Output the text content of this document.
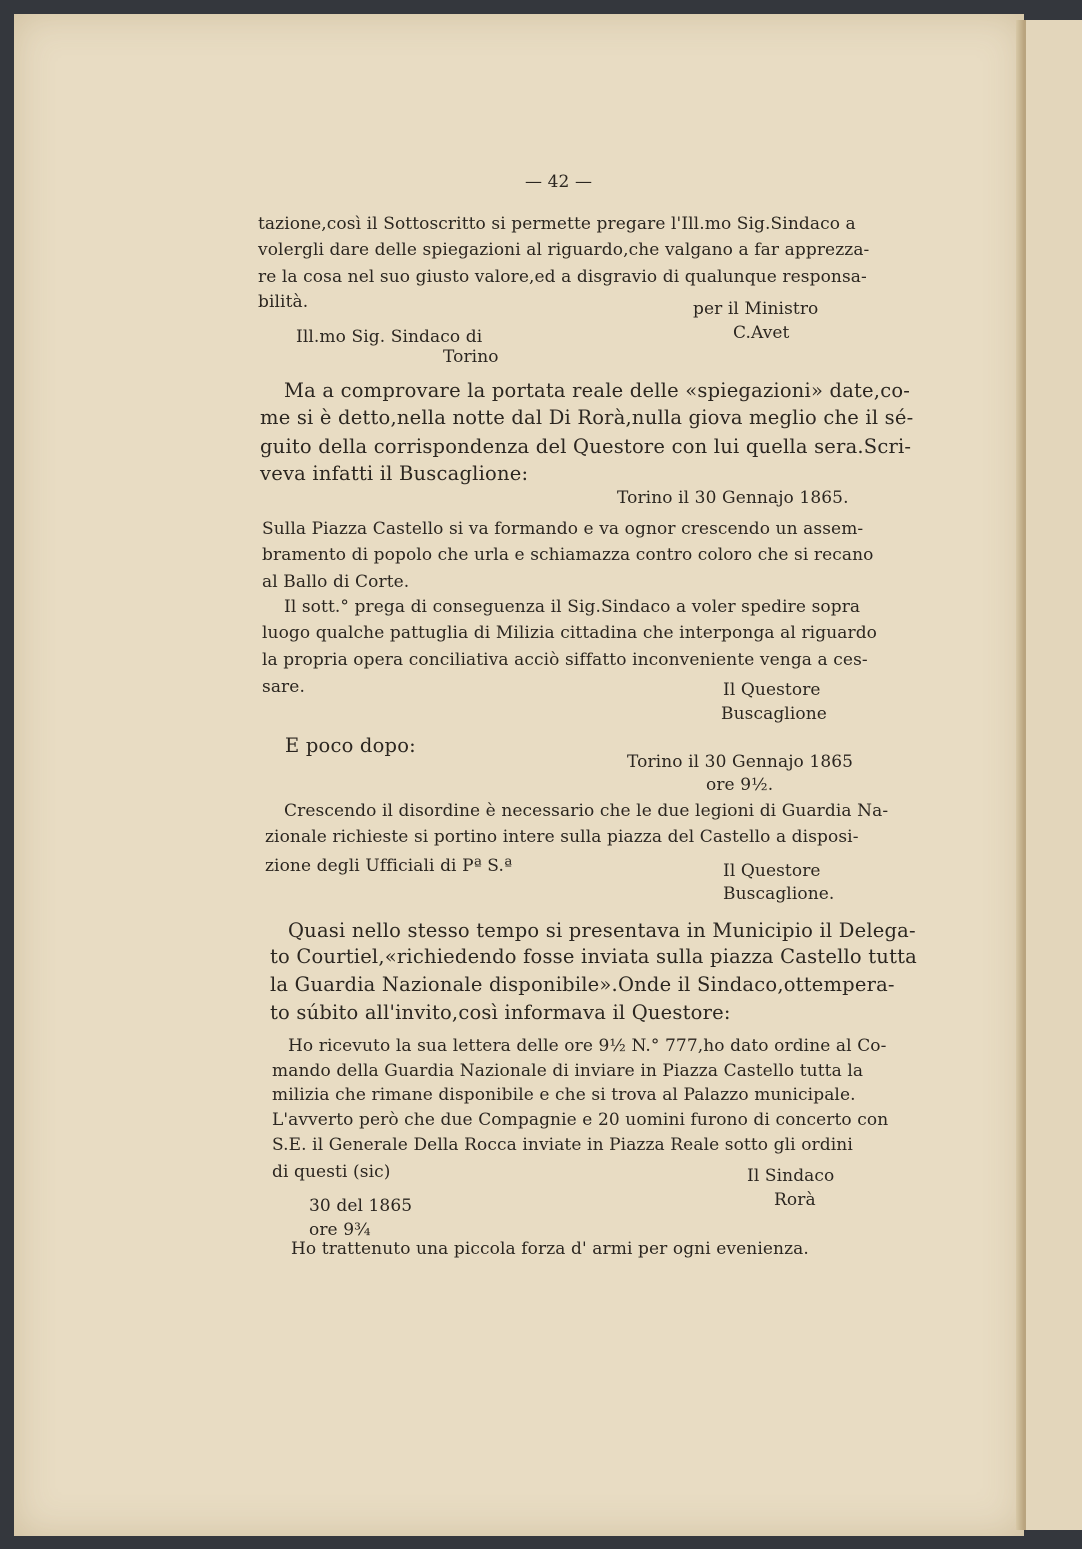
— 42 —
tazione,così il Sottoscritto si permette pregare l'Ill.mo Sig.Sindaco a
volergli dare delle spiegazioni al riguardo,che valgano a far apprezza-
re la cosa nel suo giusto valore,ed a disgravio di qualunque responsa-
bilità.	per il Ministro
C.Avet
Ill.mo Sig. Sindaco di
Torino
Ma a comprovare la portata reale delle «spiegazioni» date,co-
me si è detto,nella notte dal Di Rorà,nulla giova meglio che il sé-
guito della corrispondenza del Questore con lui quella sera.Scri-
veva infatti il Buscaglione:
Torino il 30 Gennajo 1865.
Sulla Piazza Castello si va formando e va ognor crescendo un assem-
bramento di popolo che urla e schiamazza contro coloro che si recano
al Ballo di Corte.
Il sott.° prega di conseguenza il Sig.Sindaco a voler spedire sopra
luogo qualche pattuglia di Milizia cittadina che interponga al riguardo
la propria opera conciliativa acciò siffatto inconveniente venga a ces-
sare.	Il Questore
Buscaglione
E poco dopo:
Torino il 30 Gennajo 1865
ore 9½.
Crescendo il disordine è necessario che le due legioni di Guardia Na-
zionale richieste si portino intere sulla piazza del Castello a disposi-
zione degli Ufficiali di Pª S.ª	Il Questore
Buscaglione.
Quasi nello stesso tempo si presentava in Municipio il Delega-
to Courtiel,«richiedendo fosse inviata sulla piazza Castello tutta
la Guardia Nazionale disponibile».Onde il Sindaco,ottempera-
to súbito all'invito,così informava il Questore:
Ho ricevuto la sua lettera delle ore 9½ N.° 777,ho dato ordine al Co-
mando della Guardia Nazionale di inviare in Piazza Castello tutta la
milizia che rimane disponibile e che si trova al Palazzo municipale.
L'avverto però che due Compagnie e 20 uomini furono di concerto con
S.E. il Generale Della Rocca inviate in Piazza Reale sotto gli ordini
di questi (sic)	Il Sindaco
Rorà
30 del 1865
ore 9¾
Ho trattenuto una piccola forza d' armi per ogni evenienza.
